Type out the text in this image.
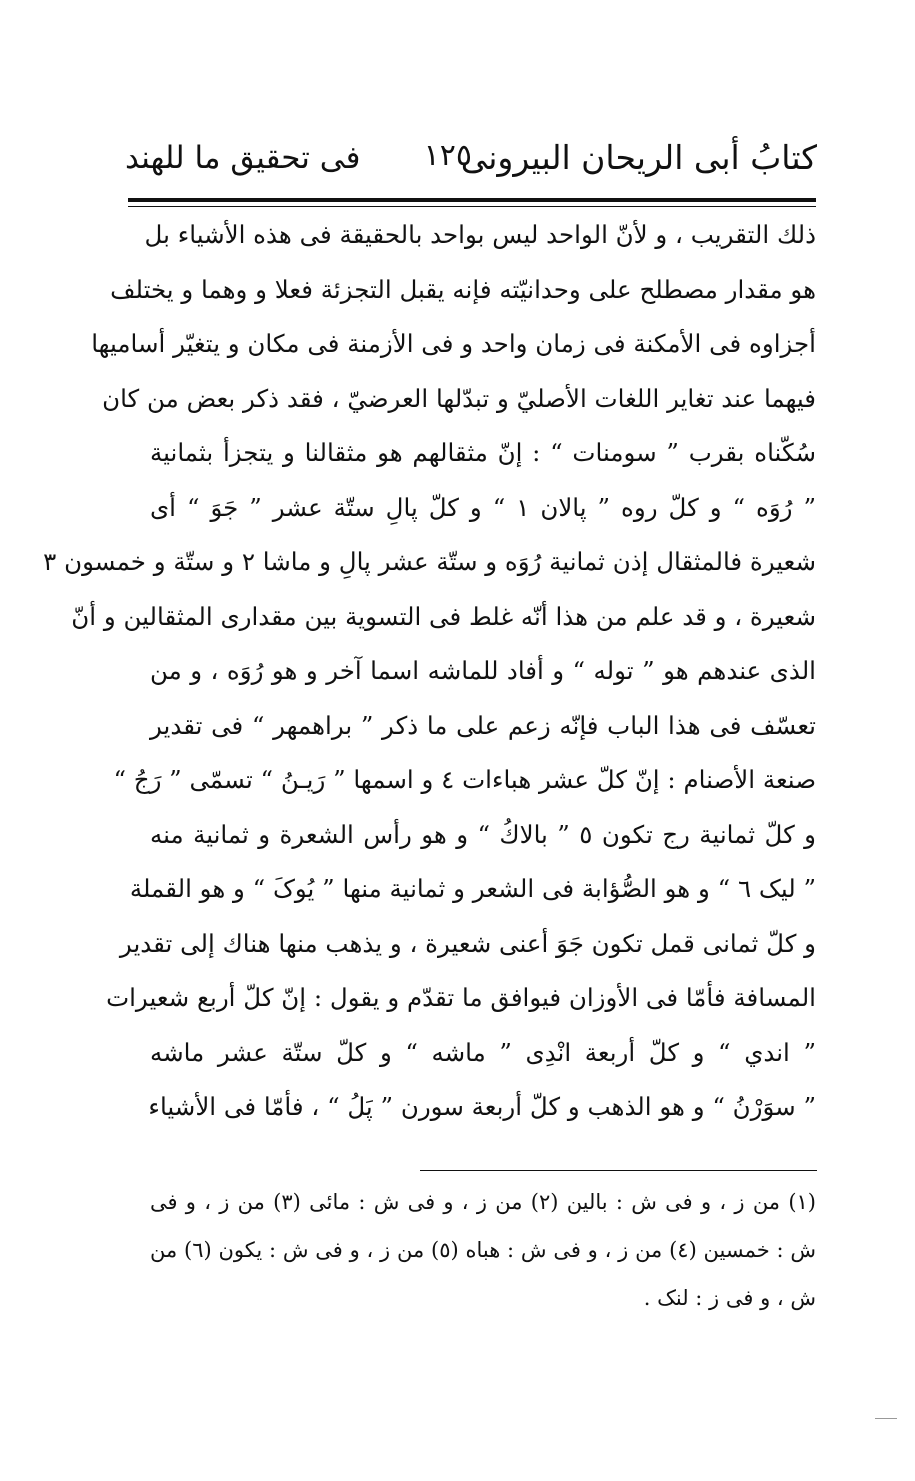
كتابُ أبى الريحان البيرونى
١٢٥
فى تحقيق ما للهند
ذلك التقريب ، و لأنّ الواحد ليس بواحد بالحقيقة فى هذه الأشياء بل
هو مقدار مصطلح على وحدانيّته فإنه يقبل التجزئة فعلا و وهما و يختلف
أجزاوه فى الأمكنة فى زمان واحد و فى الأزمنة فى مكان و يتغيّر أساميها
فيهما عند تغاير اللغات الأصليّ و تبدّلها العرضيّ ، فقد ذكر بعض من كان
سُكّناه بقرب ” سومنات “ : إنّ مثقالهم هو مثقالنا و يتجزأ بثمانية
” رُوَه “ و كلّ روه ” پالان ١ “ و كلّ پالِ ستّة عشر ” جَوَ “ أى
شعيرة فالمثقال إذن ثمانية رُوَه و ستّة عشر پالِ و ماشا ٢ و ستّة و خمسون ٣
شعيرة ، و قد علم من هذا أنّه غلط فى التسوية بين مقدارى المثقالين و أنّ
الذى عندهم هو ” توله “ و أفاد للماشه اسما آخر و هو رُوَه ، و من
تعسّف فى هذا الباب فإنّه زعم على ما ذكر ” براهمهر “ فى تقدير
صنعة الأصنام : إنّ كلّ عشر هباءات ٤ و اسمها ” رَيـنُ “ تسمّى ” رَجُ “
و كلّ ثمانية رج تكون ٥ ” بالاكُ “ و هو رأس الشعرة و ثمانية منه
” ليک ٦ “ و هو الصُّؤابة فى الشعر و ثمانية منها ” يُوکَ “ و هو القملة
و كلّ ثمانى قمل تكون جَوَ أعنى شعيرة ، و يذهب منها هناك إلى تقدير
المسافة فأمّا فى الأوزان فيوافق ما تقدّم و يقول : إنّ كلّ أربع شعيرات
” اندي “ و كلّ أربعة انْدِى ” ماشه “ و كلّ ستّة عشر ماشه
” سوَرْنُ “ و هو الذهب و كلّ أربعة سورن ” پَلُ “ ، فأمّا فى الأشياء
(١) من ز ، و فى ش : بالين (٢) من ز ، و فى ش : مائى (٣) من ز ، و فى
ش : خمسين (٤) من ز ، و فى ش : هباه (٥) من ز ، و فى ش : يكون (٦) من
ش ، و فى ز : لنک .
